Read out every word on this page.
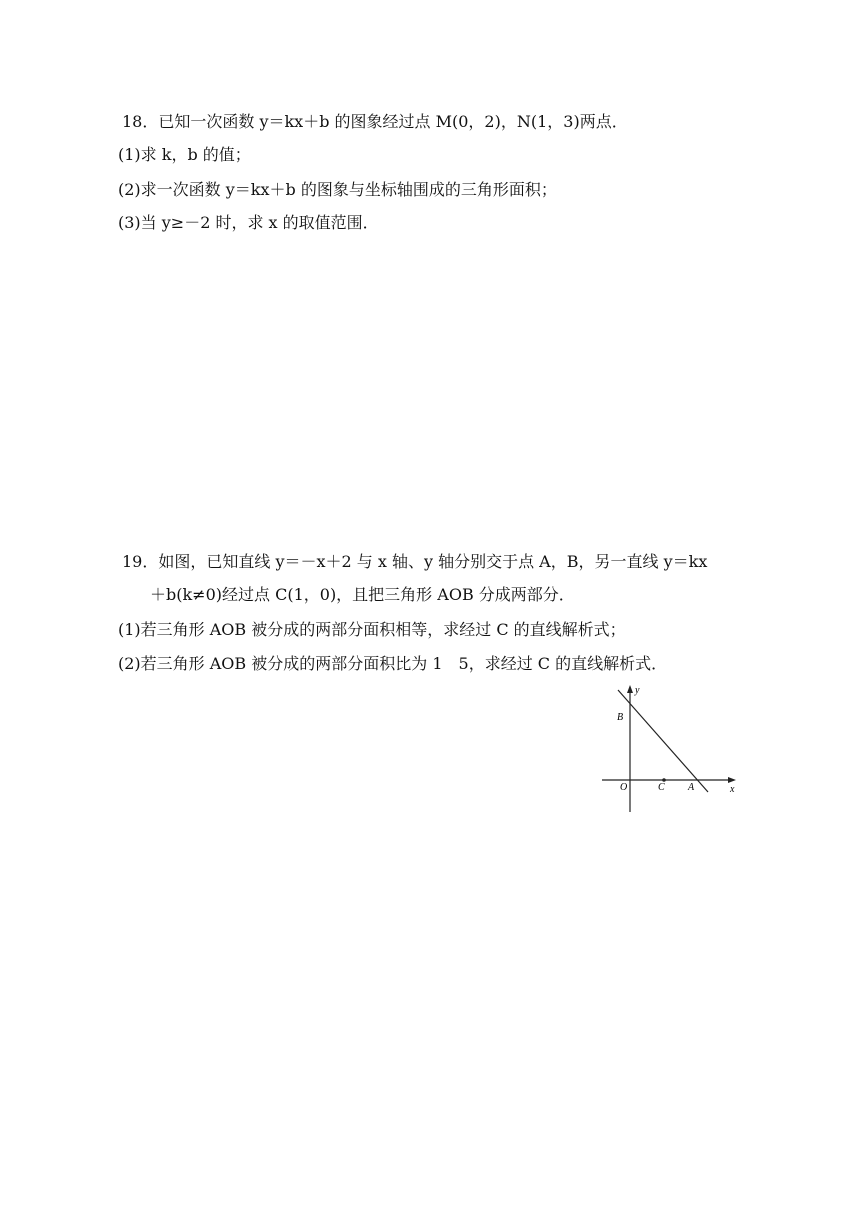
18．已知一次函数 y＝kx＋b 的图象经过点 M(0，2)，N(1，3)两点．
(1)求 k，b 的值；
(2)求一次函数 y＝kx＋b 的图象与坐标轴围成的三角形面积；
(3)当 y≥－2 时，求 x 的取值范围．
19．如图，已知直线 y＝－x＋2 与 x 轴、y 轴分别交于点 A，B，另一直线 y＝kx
＋b(k≠0)经过点 C(1，0)，且把三角形 AOB 分成两部分．
(1)若三角形 AOB 被分成的两部分面积相等，求经过 C 的直线解析式；
(2)若三角形 AOB 被分成的两部分面积比为 1　5，求经过 C 的直线解析式．
y
x
B
O	C A
